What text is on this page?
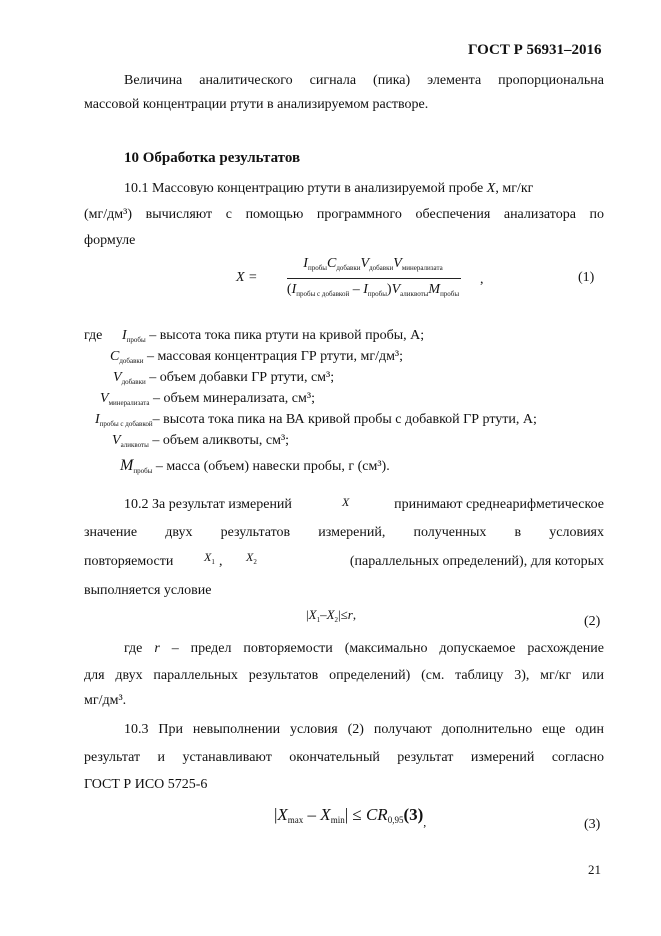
ГОСТ Р 56931–2016
Величина аналитического сигнала (пика) элемента пропорциональна
массовой концентрации ртути в анализируемом растворе.
10 Обработка результатов
10.1 Массовую концентрацию ртути в анализируемой пробе X, мг/кг
(мг/дм³) вычисляют с помощью программного обеспечения анализатора по
формуле
X =
$I_{пробы}C_{добавки}V_{добавки}V_{минерализата}$
$(I_{пробы с добавкой} - I_{пробы})V_{аликвоты}M_{пробы}$
,	(1)
где $I_{пробы}$ – высота тока пика ртути на кривой пробы, А;
$C_{добавки}$ – массовая концентрация ГР ртути, мг/дм³;
$V_{добавки}$ – объем добавки ГР ртути, см³;
$V_{минерализата}$ – объем минерализата, см³;
$I_{пробы с добавкой}-$ высота тока пика на ВА кривой пробы с добавкой ГР ртути, А;
$V_{аликвоты}$ – объем аликвоты, см³;
$M_{пробы}$ – масса (объем) навески пробы, г (см³).
10.2 За результат измерений	X	принимают среднеарифметическое
значение двух результатов измерений, полученных в условиях
повторяемости	$X_1$ , $X_2$	(параллельных определений), для которых
выполняется условие
$|X_1-X_2|\le r$,	(2)
где r – предел повторяемости (максимально допускаемое расхождение
для двух параллельных результатов определений) (см. таблицу 3), мг/кг или
мг/дм³.
10.3 При невыполнении условия (2) получают дополнительно еще один
результат и устанавливают окончательный результат измерений согласно
ГОСТ Р ИСО 5725-6
$|X_{max} - X_{min}| \le CR_{0,95}(3)_,$	(3)
21
